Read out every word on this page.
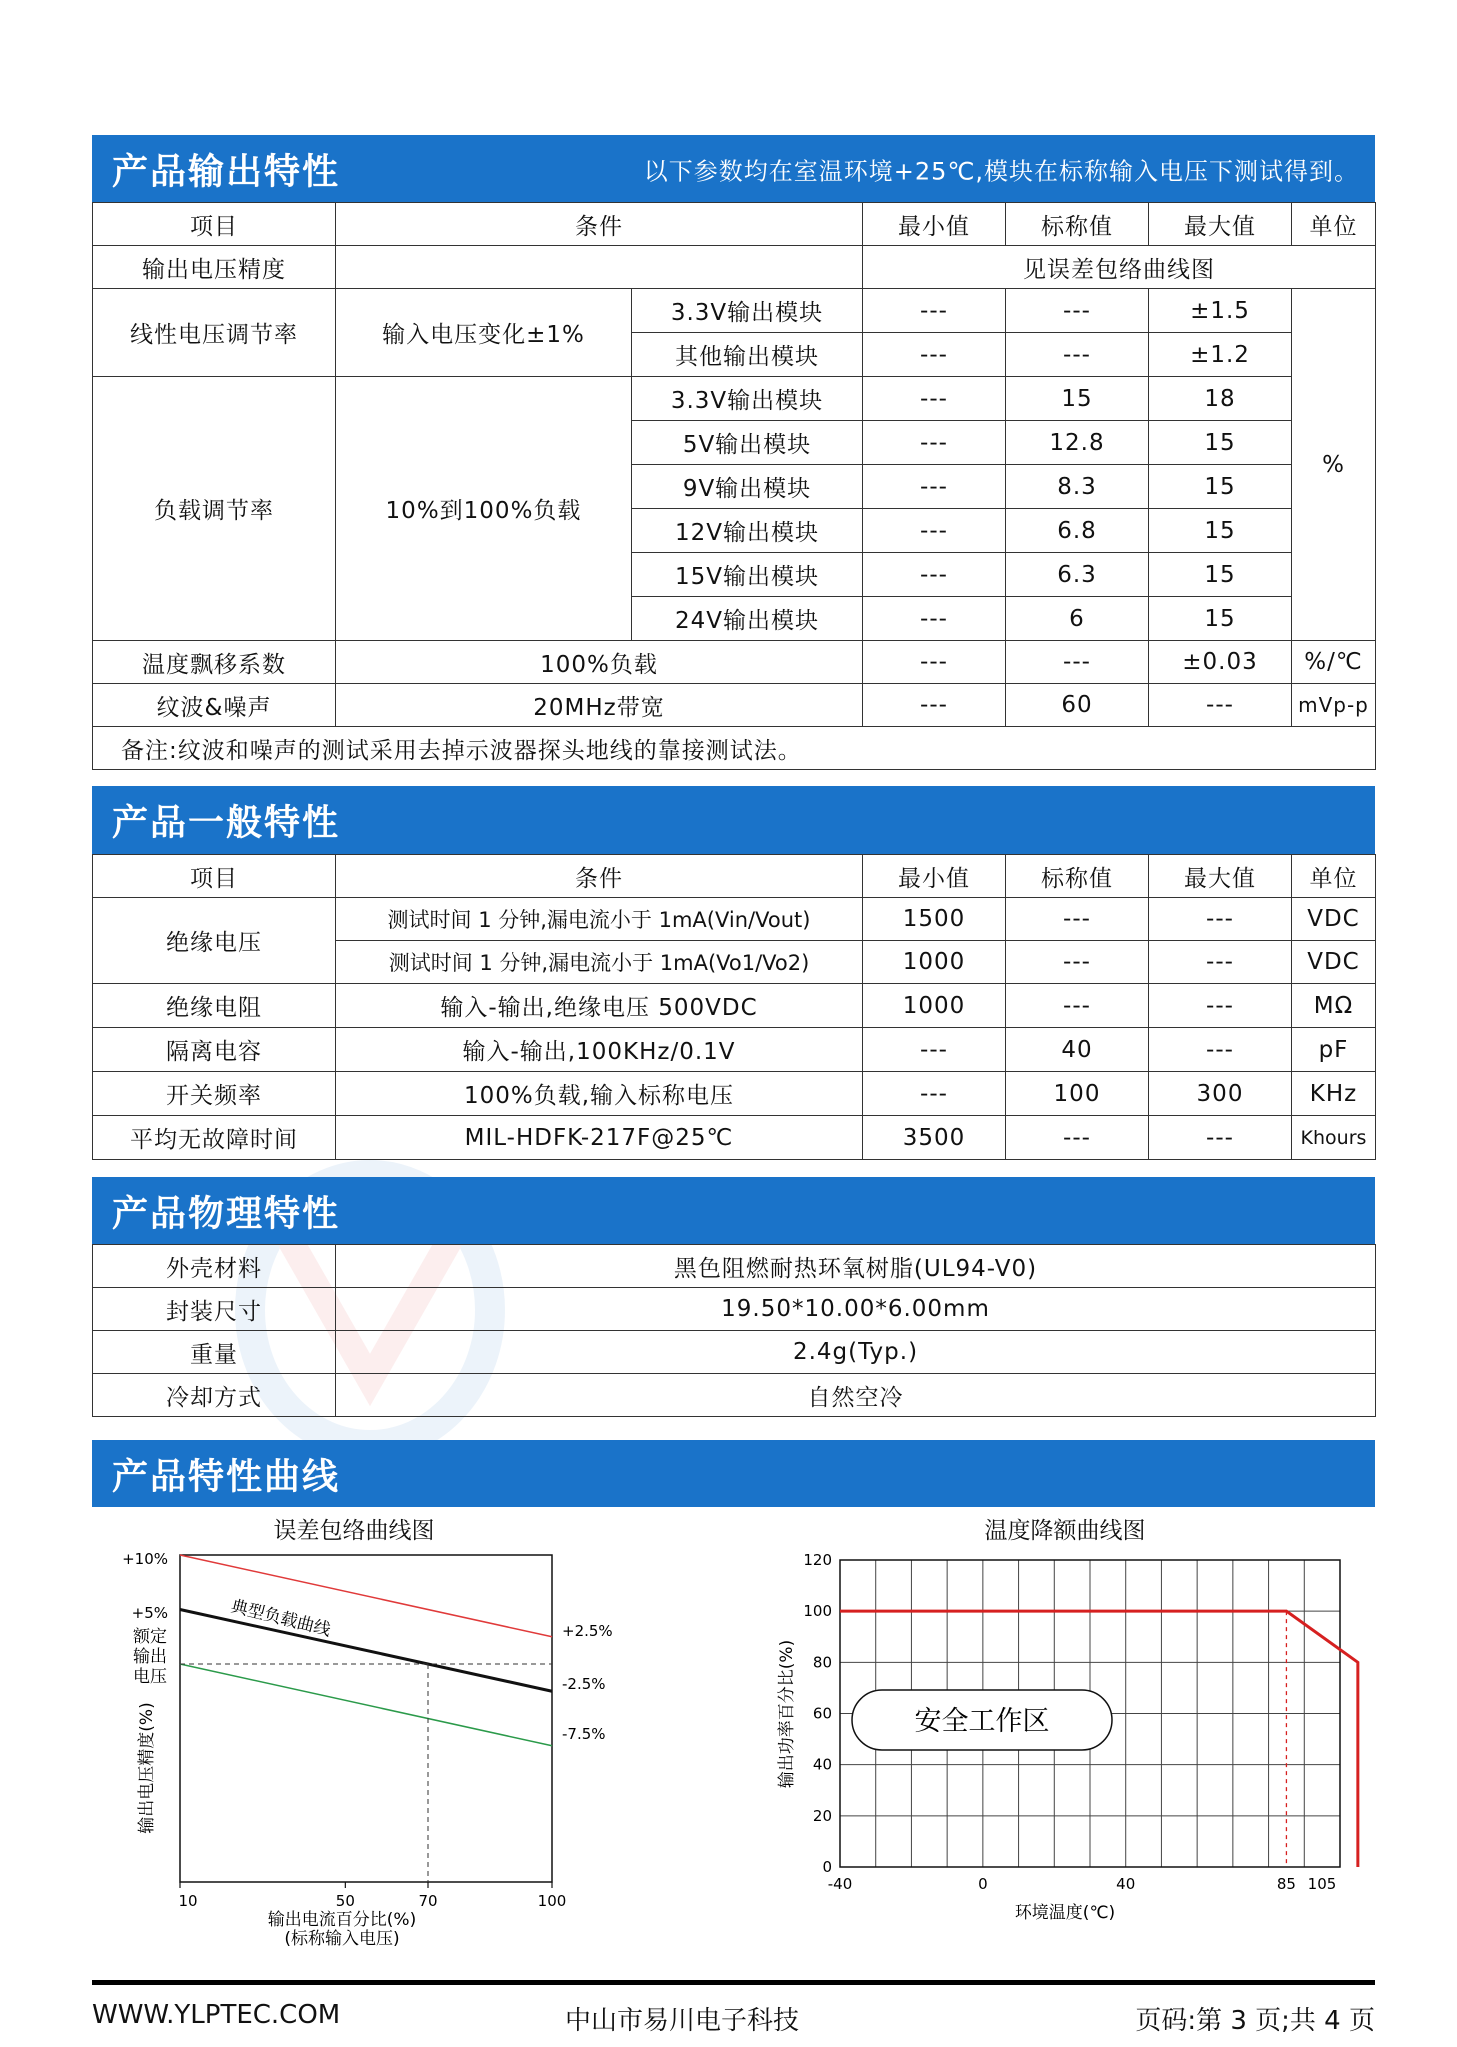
产品输出特性	以下参数均在室温环境+25℃,模块在标称输入电压下测试得到。
项目	条件		最小值	标称值	最大值	单位
输出电压精度			见误差包络曲线图			
线性电压调节率	输入电压变化±1%	3.3V输出模块	---	---	±1.5	%
		其他输出模块	---	---	±1.2	
负载调节率	10%到100%负载	3.3V输出模块	---	15	18	
		5V输出模块	---	12.8	15	
		9V输出模块	---	8.3	15	
		12V输出模块	---	6.8	15	
		15V输出模块	---	6.3	15	
		24V输出模块	---	6	15	
温度飘移系数	100%负载		---	---	±0.03	%/℃
纹波&噪声	20MHz带宽		---	60	---	mVp-p
备注:纹波和噪声的测试采用去掉示波器探头地线的靠接测试法。						
产品一般特性
项目	条件	最小值	标称值	最大值	单位
绝缘电压	测试时间 1 分钟,漏电流小于 1mA(Vin/Vout)	1500	---	---	VDC
	测试时间 1 分钟,漏电流小于 1mA(Vo1/Vo2)	1000	---	---	VDC
绝缘电阻	输入-输出,绝缘电压 500VDC	1000	---	---	MΩ
隔离电容	输入-输出,100KHz/0.1V	---	40	---	pF
开关频率	100%负载,输入标称电压	---	100	300	KHz
平均无故障时间	MIL-HDFK-217F@25℃	3500	---	---	Khours
产品物理特性
外壳材料	黑色阻燃耐热环氧树脂(UL94-V0)
封装尺寸	19.50*10.00*6.00mm
重量	2.4g(Typ.)
冷却方式	自然空冷
产品特性曲线
误差包络曲线图
+10%
+5%
额定输出电压
输出电压精度(%)
+2.5%
-2.5%
-7.5%
典型负载曲线
10	50	70	100
输出电流百分比(%)
(标称输入电压)
温度降额曲线图
0
20
40
60
80
100
120
-40	0	40	85 105
安全工作区
输出功率百分比(%)
环境温度(℃)
WWW.YLPTEC.COM	中山市易川电子科技	页码:第 3 页;共 4 页
